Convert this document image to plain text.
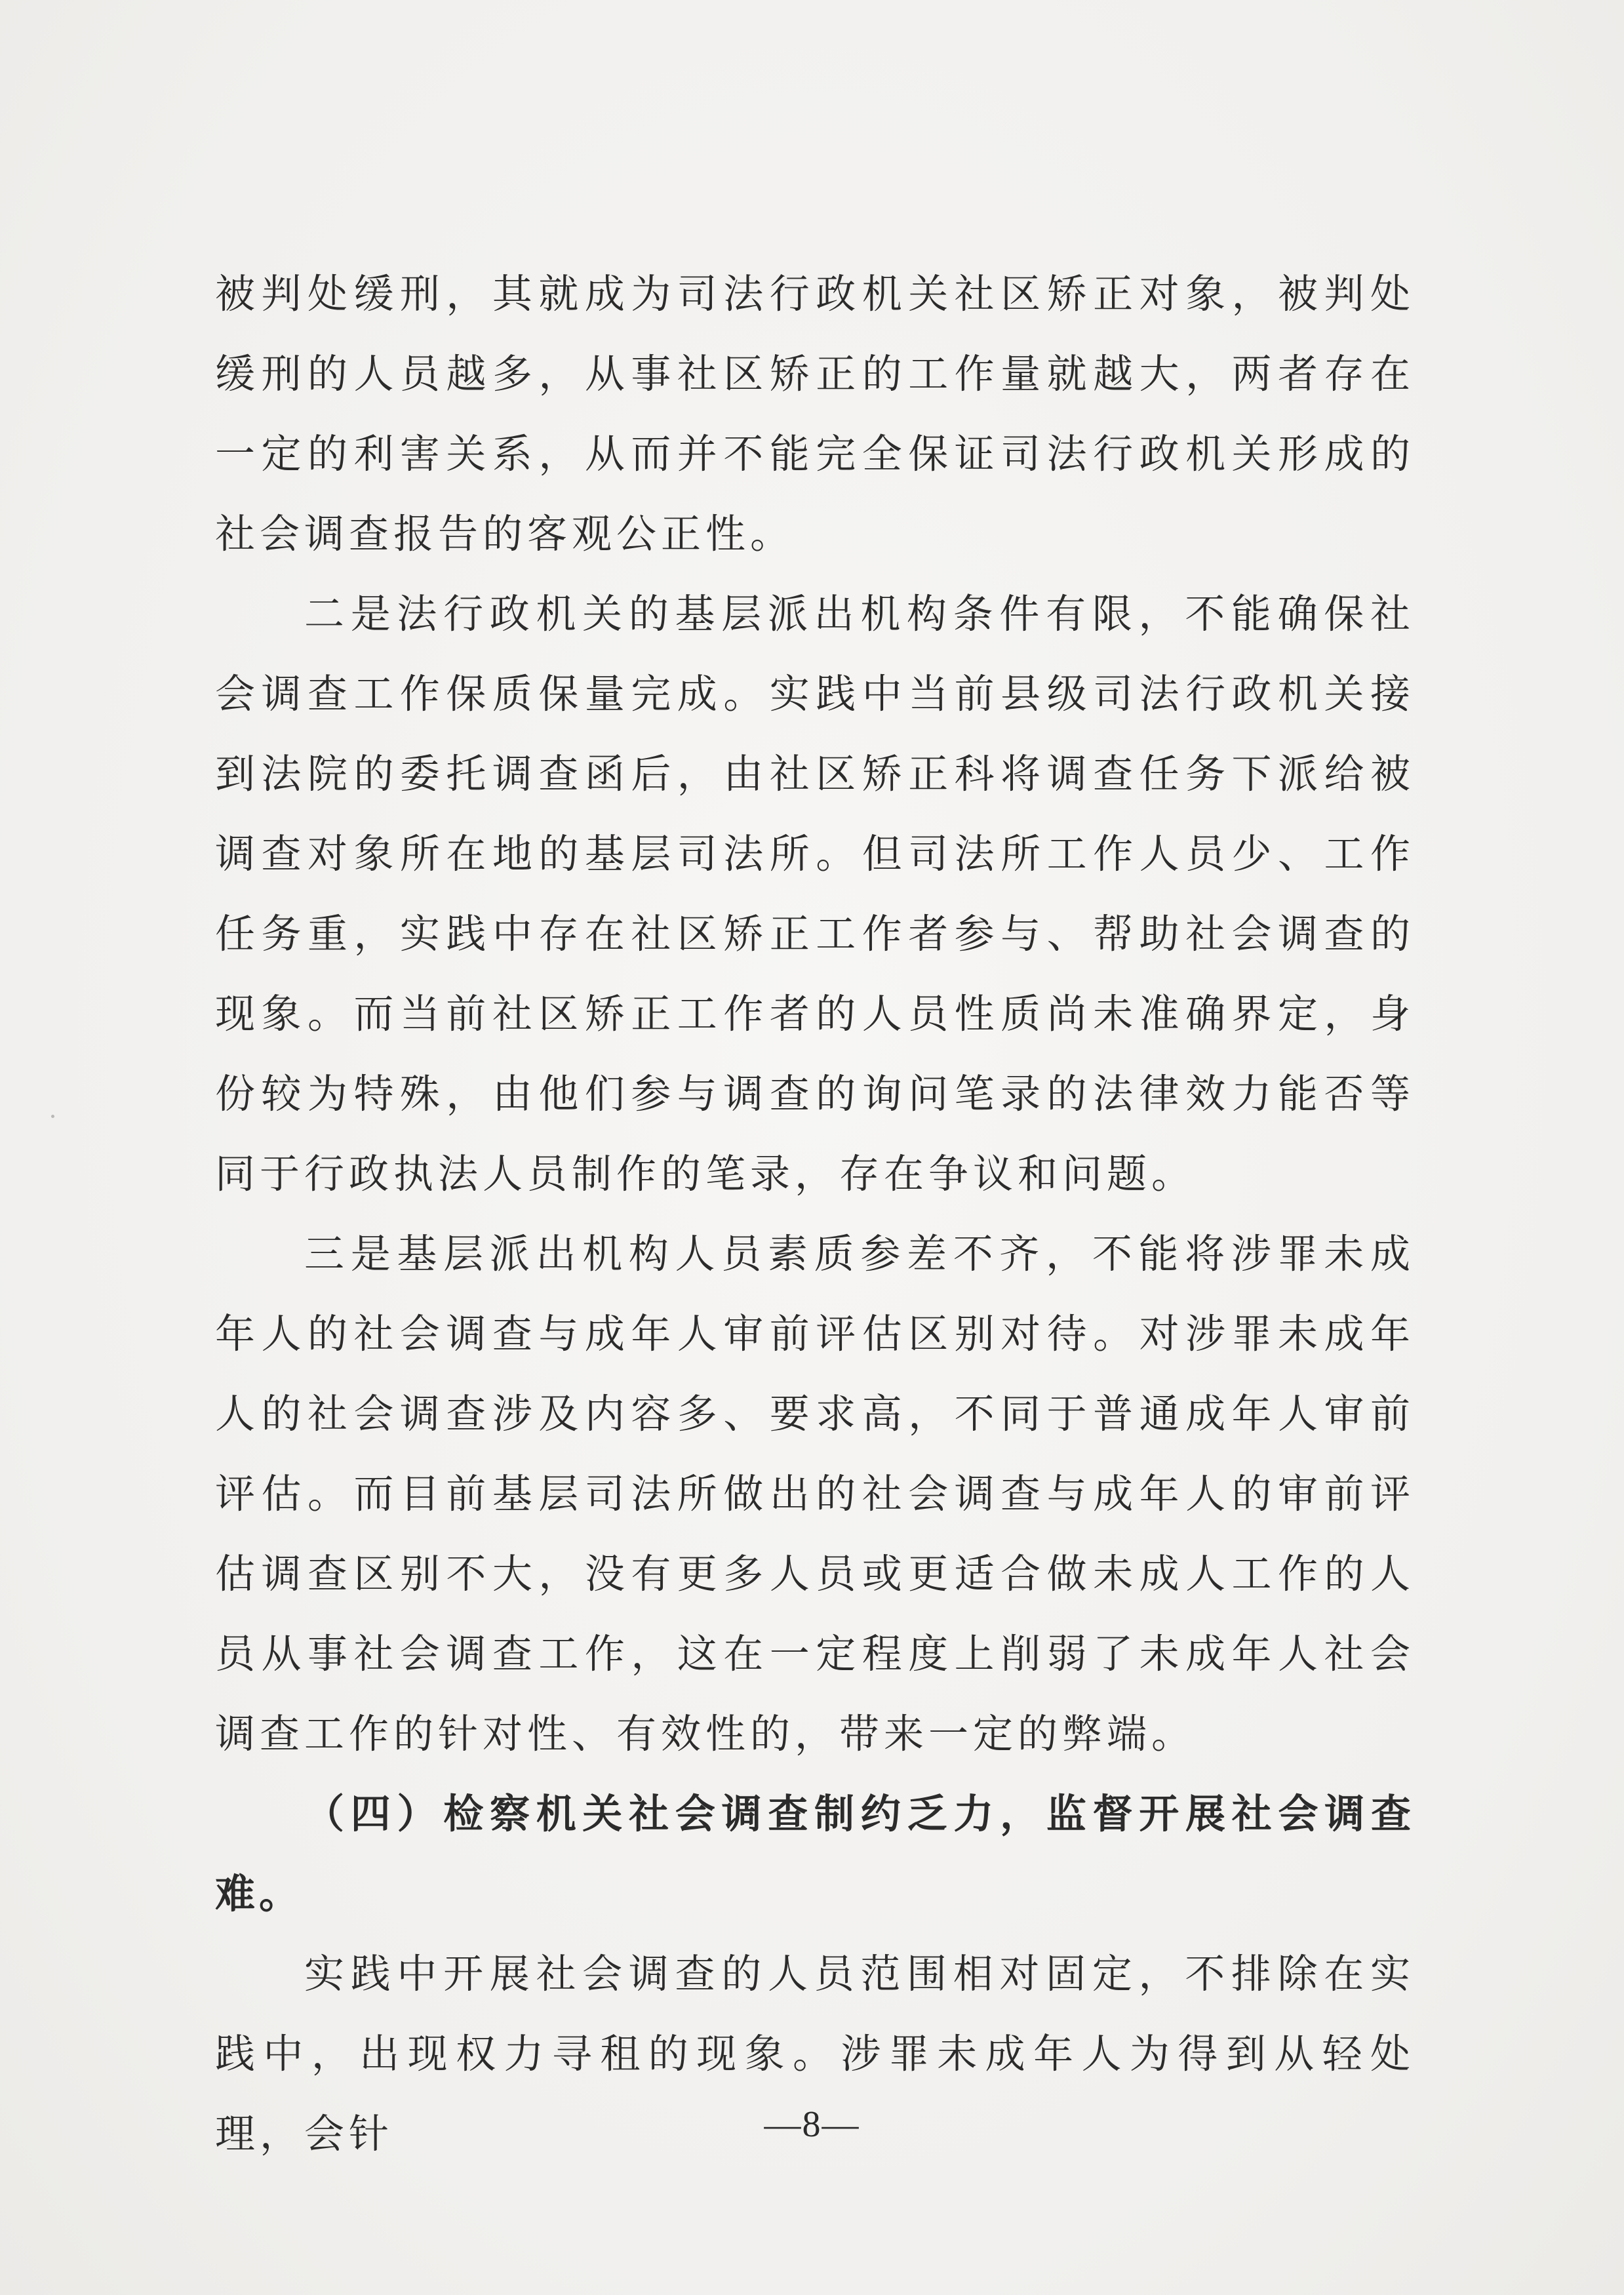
被判处缓刑，其就成为司法行政机关社区矫正对象，被判处缓刑的人员越多，从事社区矫正的工作量就越大，两者存在一定的利害关系，从而并不能完全保证司法行政机关形成的社会调查报告的客观公正性。

二是法行政机关的基层派出机构条件有限，不能确保社会调查工作保质保量完成。实践中当前县级司法行政机关接到法院的委托调查函后，由社区矫正科将调查任务下派给被调查对象所在地的基层司法所。但司法所工作人员少、工作任务重，实践中存在社区矫正工作者参与、帮助社会调查的现象。而当前社区矫正工作者的人员性质尚未准确界定，身份较为特殊，由他们参与调查的询问笔录的法律效力能否等同于行政执法人员制作的笔录，存在争议和问题。

三是基层派出机构人员素质参差不齐，不能将涉罪未成年人的社会调查与成年人审前评估区别对待。对涉罪未成年人的社会调查涉及内容多、要求高，不同于普通成年人审前评估。而目前基层司法所做出的社会调查与成年人的审前评估调查区别不大，没有更多人员或更适合做未成人工作的人员从事社会调查工作，这在一定程度上削弱了未成年人社会调查工作的针对性、有效性的，带来一定的弊端。

（四）检察机关社会调查制约乏力，监督开展社会调查难。

实践中开展社会调查的人员范围相对固定，不排除在实践中，出现权力寻租的现象。涉罪未成年人为得到从轻处理，会针	—8—
